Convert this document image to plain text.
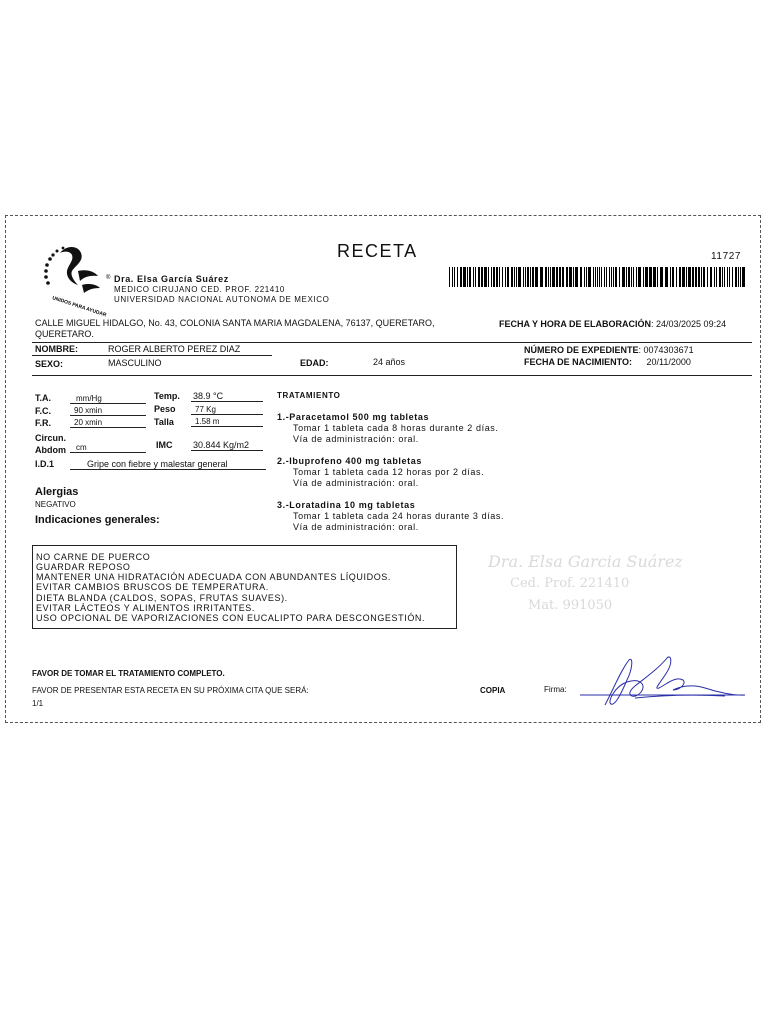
UNIDOS PARA AYUDAR
® Dra. Elsa García Suárez
MEDICO CIRUJANO CED. PROF. 221410
UNIVERSIDAD NACIONAL AUTONOMA DE MEXICO
RECETA	11727
CALLE MIGUEL HIDALGO, No. 43, COLONIA SANTA MARIA MAGDALENA, 76137, QUERETARO,
QUERETARO.
FECHA Y HORA DE ELABORACIÓN: 24/03/2025 09:24
NOMBRE:	ROGER ALBERTO PEREZ DIAZ
SEXO:	MASCULINO	EDAD:	24 años
NÚMERO DE EXPEDIENTE: 0074303671
FECHA DE NACIMIENTO: 20/11/2000
T.A.	mm/Hg
F.C.	90 xmin
F.R.	20 xmin
Circun.
Abdom	cm
Temp. 38.9 °C
Peso	77 Kg
Talla	1.58 m
IMC 30.844 Kg/m2
I.D.1	Gripe con fiebre y malestar general
Alergias
NEGATIVO
Indicaciones generales:
TRATAMIENTO
1.-Paracetamol 500 mg tabletas
Tomar 1 tableta cada 8 horas durante 2 días.
Vía de administración: oral.
2.-Ibuprofeno 400 mg tabletas
Tomar 1 tableta cada 12 horas por 2 días.
Vía de administración: oral.
3.-Loratadina 10 mg tabletas
Tomar 1 tableta cada 24 horas durante 3 días.
Vía de administración: oral.
NO CARNE DE PUERCO
GUARDAR REPOSO
MANTENER UNA HIDRATACIÓN ADECUADA CON ABUNDANTES LÍQUIDOS.
EVITAR CAMBIOS BRUSCOS DE TEMPERATURA.
DIETA BLANDA (CALDOS, SOPAS, FRUTAS SUAVES).
EVITAR LÁCTEOS Y ALIMENTOS IRRITANTES.
USO OPCIONAL DE VAPORIZACIONES CON EUCALIPTO PARA DESCONGESTIÓN.
Dra. Elsa Garcia Suárez
Ced. Prof. 221410
Mat. 991050
FAVOR DE TOMAR EL TRATAMIENTO COMPLETO.
FAVOR DE PRESENTAR ESTA RECETA EN SU PRÓXIMA CITA QUE SERÁ:	COPIA	Firma:
1/1
